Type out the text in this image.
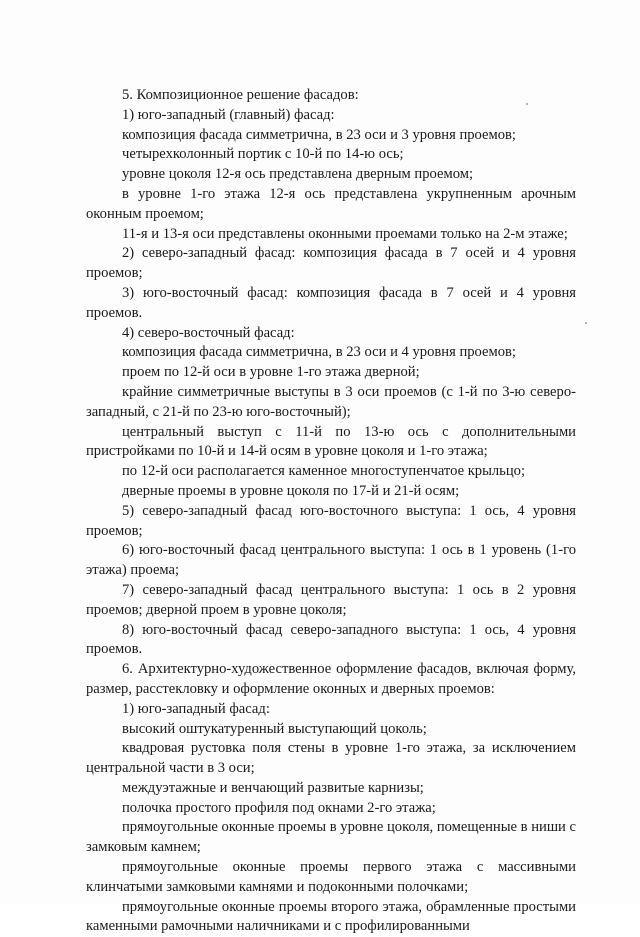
5. Композиционное решение фасадов:

1) юго-западный (главный) фасад:

композиция фасада симметрична, в 23 оси и 3 уровня проемов;

четырехколонный портик с 10-й по 14-ю ось;

уровне цоколя 12-я ось представлена дверным проемом;

в уровне 1-го этажа 12-я ось представлена укрупненным арочным оконным проемом;

11-я и 13-я оси представлены оконными проемами только на 2-м этаже;

2) северо-западный фасад: композиция фасада в 7 осей и 4 уровня проемов;

3) юго-восточный фасад: композиция фасада в 7 осей и 4 уровня проемов.

4) северо-восточный фасад:

композиция фасада симметрична, в 23 оси и 4 уровня проемов;

проем по 12-й оси в уровне 1-го этажа дверной;

крайние симметричные выступы в 3 оси проемов (с 1-й по 3-ю северо-западный, с 21-й по 23-ю юго-восточный);

центральный выступ с 11-й по 13-ю ось с дополнительными пристройками по 10-й и 14-й осям в уровне цоколя и 1-го этажа;

по 12-й оси располагается каменное многоступенчатое крыльцо;

дверные проемы в уровне цоколя по 17-й и 21-й осям;

5) северо-западный фасад юго-восточного выступа: 1 ось, 4 уровня проемов;

6) юго-восточный фасад центрального выступа: 1 ось в 1 уровень (1-го этажа) проема;

7) северо-западный фасад центрального выступа: 1 ось в 2 уровня проемов; дверной проем в уровне цоколя;

8) юго-восточный фасад северо-западного выступа: 1 ось, 4 уровня проемов.

6. Архитектурно-художественное оформление фасадов, включая форму, размер, расстекловку и оформление оконных и дверных проемов:

1) юго-западный фасад:

высокий оштукатуренный выступающий цоколь;

квадровая рустовка поля стены в уровне 1-го этажа, за исключением центральной части в 3 оси;

междуэтажные и венчающий развитые карнизы;

полочка простого профиля под окнами 2-го этажа;

прямоугольные оконные проемы в уровне цоколя, помещенные в ниши с замковым камнем;

прямоугольные оконные проемы первого этажа с массивными клинчатыми замковыми камнями и подоконными полочками;

прямоугольные оконные проемы второго этажа, обрамленные простыми каменными рамочными наличниками и с профилированными
